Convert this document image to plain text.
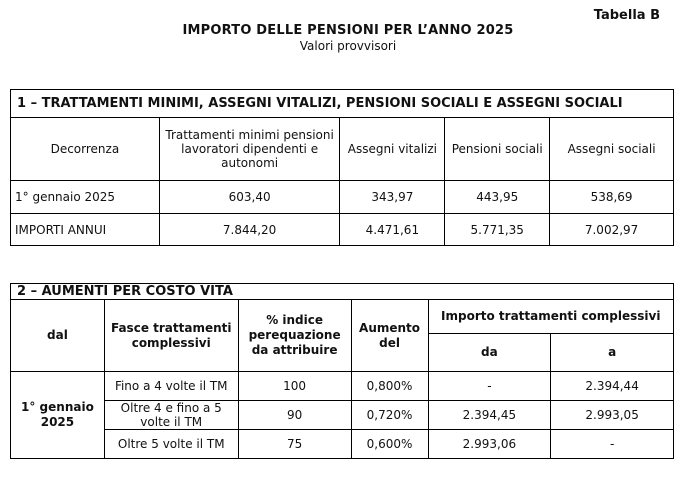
Tabella B
IMPORTO DELLE PENSIONI PER L’ANNO 2025
Valori provvisori
1 – TRATTAMENTI MINIMI, ASSEGNI VITALIZI, PENSIONI SOCIALI E ASSEGNI SOCIALI				
Decorrenza	Trattamenti minimi pensioni lavoratori dipendenti e autonomi	Assegni vitalizi	Pensioni sociali	Assegni sociali
1° gennaio 2025	603,40	343,97	443,95	538,69
IMPORTI ANNUI	7.844,20	4.471,61	5.771,35	7.002,97
2 – AUMENTI PER COSTO VITA					
dal	Fasce trattamenti complessivi	% indice perequazione da attribuire	Aumento del	Importo trattamenti complessivi	
				da	a
1° gennaio 2025	Fino a 4 volte il TM	100	0,800%	-	2.394,44
	Oltre 4 e fino a 5 volte il TM	90	0,720%	2.394,45	2.993,05
	Oltre 5 volte il TM	75	0,600%	2.993,06	-
